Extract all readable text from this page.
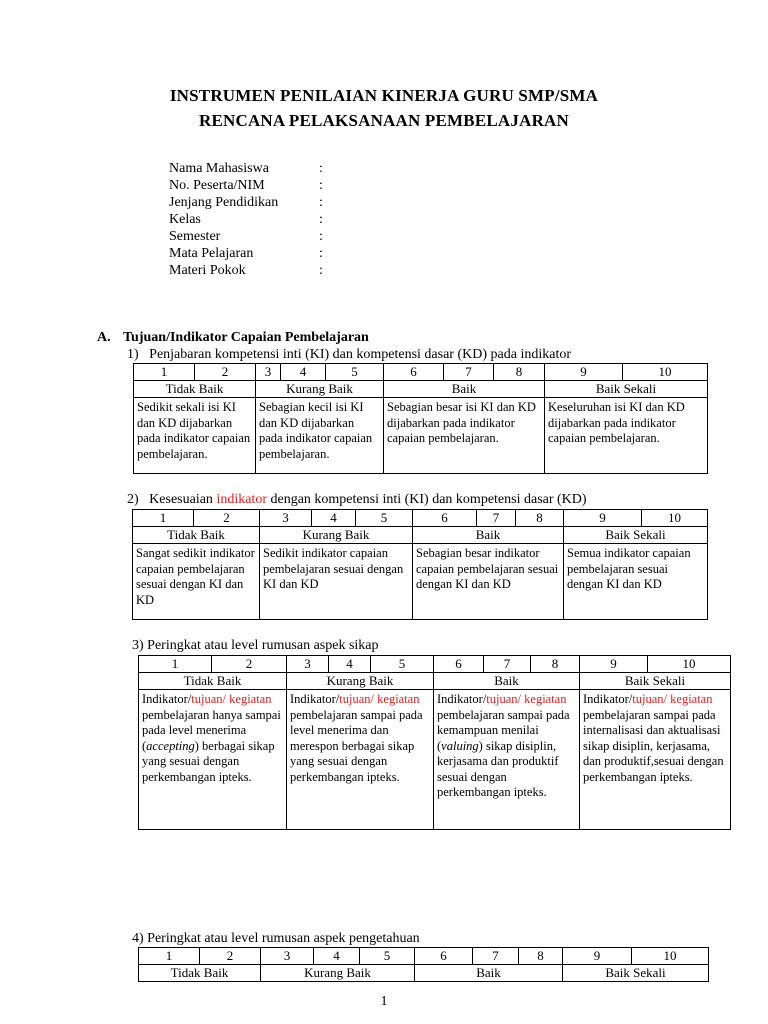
INSTRUMEN PENILAIAN KINERJA GURU SMP/SMA
RENCANA PELAKSANAAN PEMBELAJARAN
Nama Mahasiswa	:
No. Peserta/NIM	:
Jenjang Pendidikan	:
Kelas	:
Semester	:
Mata Pelajaran	:
Materi Pokok	:
A. Tujuan/Indikator Capaian Pembelajaran
1) Penjabaran kompetensi inti (KI) dan kompetensi dasar (KD) pada indikator
1	2	3	4	5	6	7	8	9	10
Tidak Baik		Kurang Baik			Baik			Baik Sekali	
Sedikit sekali isi KI dan KD dijabarkan pada indikator capaian pembelajaran.		Sebagian kecil isi KI dan KD dijabarkan pada indikator capaian pembelajaran.			Sebagian besar isi KI dan KD dijabarkan pada indikator capaian pembelajaran.			Keseluruhan isi KI dan KD dijabarkan pada indikator capaian pembelajaran.	
2) Kesesuaian indikator dengan kompetensi inti (KI) dan kompetensi dasar (KD)
1	2	3	4	5	6	7	8	9	10
Tidak Baik		Kurang Baik			Baik			Baik Sekali	
Sangat sedikit indikator capaian pembelajaran sesuai dengan KI dan KD		Sedikit indikator capaian pembelajaran sesuai dengan KI dan KD			Sebagian besar indikator capaian pembelajaran sesuai dengan KI dan KD			Semua indikator capaian pembelajaran sesuai dengan KI dan KD	
3) Peringkat atau level rumusan aspek sikap
1	2	3	4	5	6	7	8	9	10
Tidak Baik		Kurang Baik			Baik			Baik Sekali	
Indikator/tujuan/ kegiatan pembelajaran hanya sampai pada level menerima (accepting) berbagai sikap yang sesuai dengan perkembangan ipteks.		Indikator/tujuan/ kegiatan pembelajaran sampai pada level menerima dan merespon berbagai sikap yang sesuai dengan perkembangan ipteks.			Indikator/tujuan/ kegiatan pembelajaran sampai pada kemampuan menilai (valuing) sikap disiplin, kerjasama dan produktif sesuai dengan perkembangan ipteks.			Indikator/tujuan/ kegiatan pembelajaran sampai pada internalisasi dan aktualisasi sikap disiplin, kerjasama, dan produktif,sesuai dengan perkembangan ipteks.	
4) Peringkat atau level rumusan aspek pengetahuan
1	2	3	4	5	6	7	8	9	10
Tidak Baik		Kurang Baik			Baik			Baik Sekali	
1
